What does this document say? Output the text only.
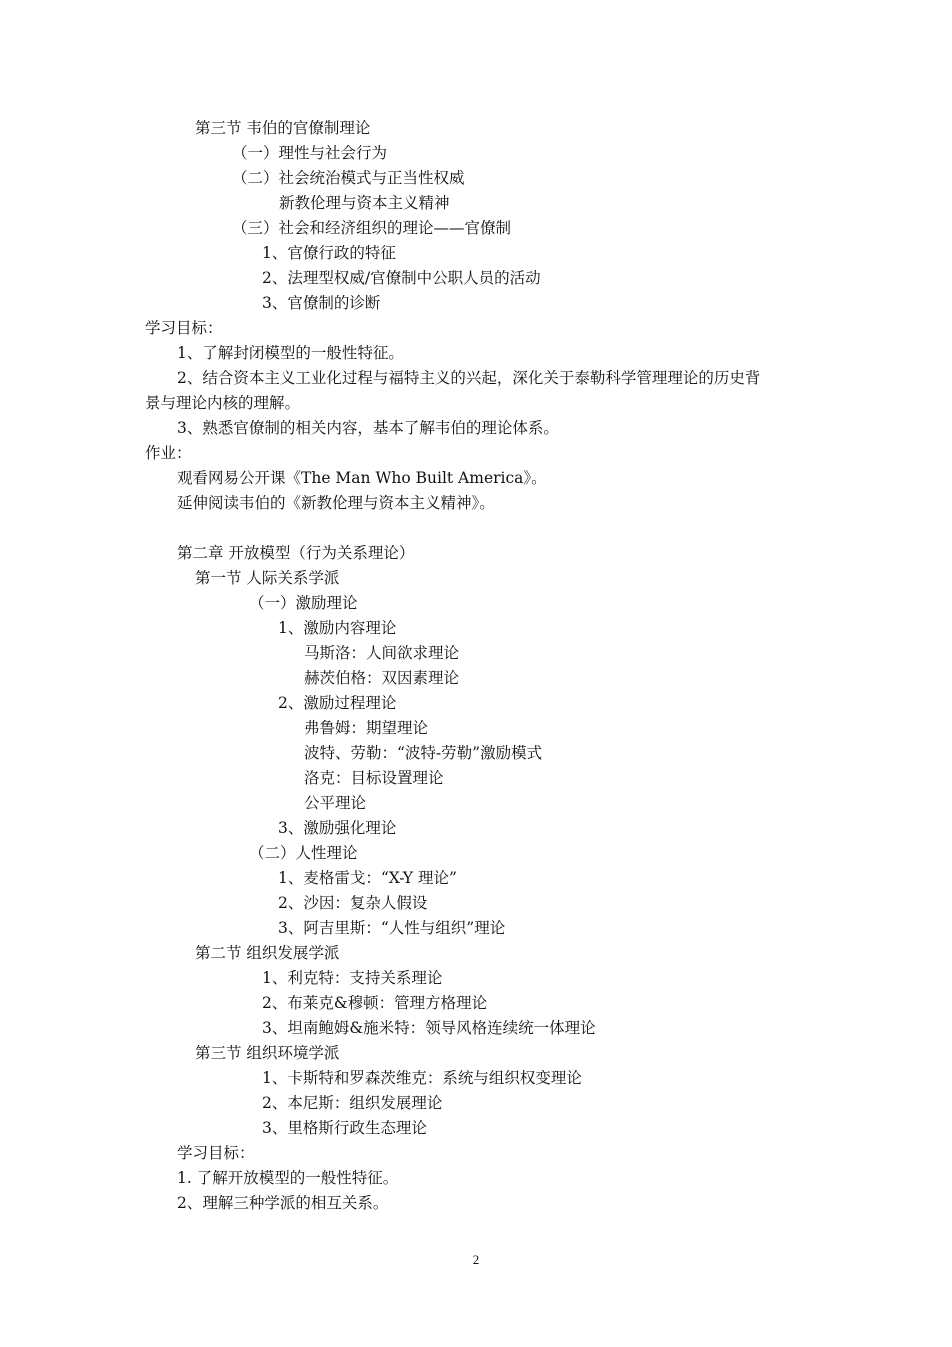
第三节 韦伯的官僚制理论
（一）理性与社会行为
（二）社会统治模式与正当性权威
新教伦理与资本主义精神
（三）社会和经济组织的理论——官僚制
1、官僚行政的特征
2、法理型权威/官僚制中公职人员的活动
3、官僚制的诊断
学习目标：
1、了解封闭模型的一般性特征。
2、结合资本主义工业化过程与福特主义的兴起，深化关于泰勒科学管理理论的历史背
景与理论内核的理解。
3、熟悉官僚制的相关内容，基本了解韦伯的理论体系。
作业：
观看网易公开课《The Man Who Built America》。
延伸阅读韦伯的《新教伦理与资本主义精神》。
第二章 开放模型（行为关系理论）
第一节 人际关系学派
（一）激励理论
1、激励内容理论
马斯洛：人间欲求理论
赫茨伯格：双因素理论
2、激励过程理论
弗鲁姆：期望理论
波特、劳勒：“波特-劳勒”激励模式
洛克：目标设置理论
公平理论
3、激励强化理论
（二）人性理论
1、麦格雷戈：“X-Y 理论”
2、沙因：复杂人假设
3、阿吉里斯：“人性与组织”理论
第二节 组织发展学派
1、利克特：支持关系理论
2、布莱克&穆顿：管理方格理论
3、坦南鲍姆&施米特：领导风格连续统一体理论
第三节 组织环境学派
1、卡斯特和罗森茨维克：系统与组织权变理论
2、本尼斯：组织发展理论
3、里格斯行政生态理论
学习目标：
1. 了解开放模型的一般性特征。
2、理解三种学派的相互关系。
2
